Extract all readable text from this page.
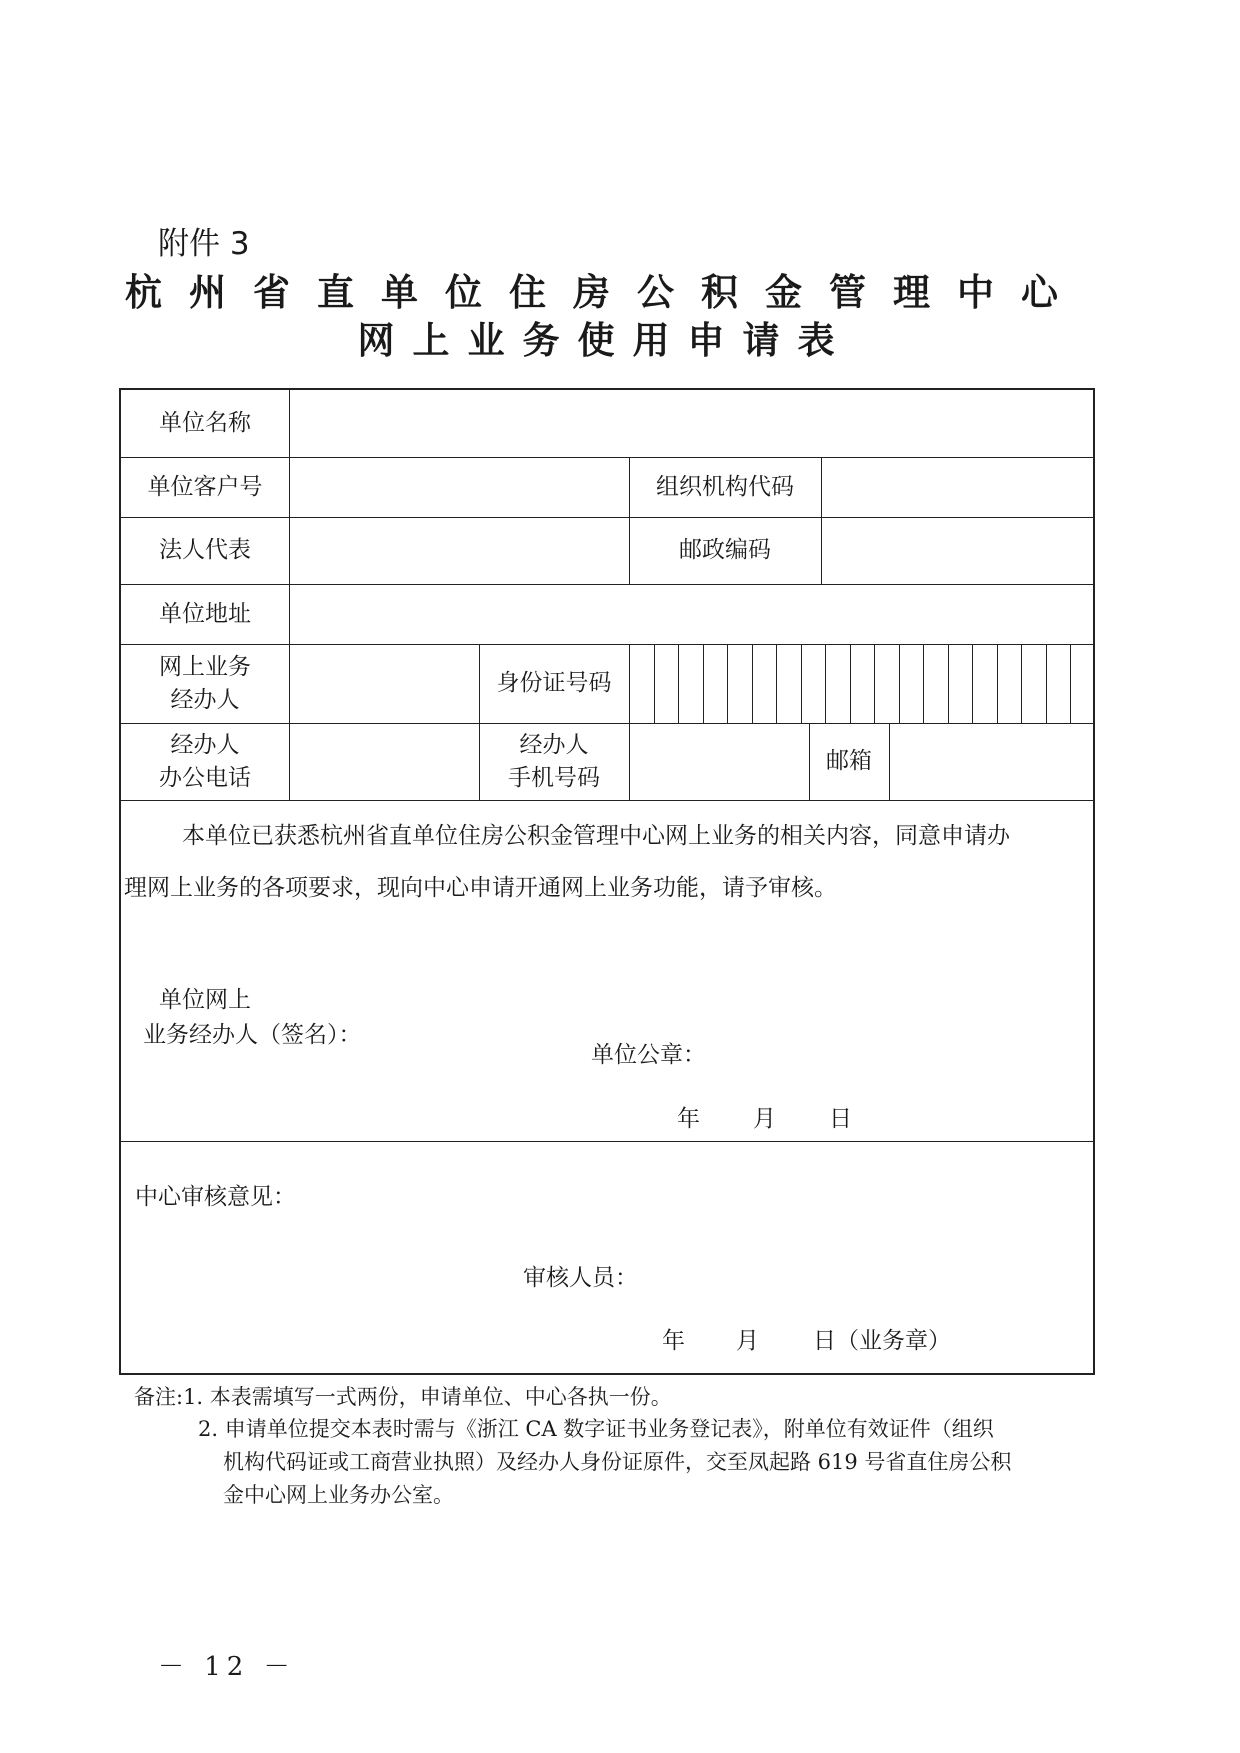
附件 3
杭州省直单位住房公积金管理中心
网上业务使用申请表
单位名称
单位客户号	组织机构代码
法人代表	邮政编码
单位地址
网上业务
经办人
身份证号码
经办人
办公电话
经办人
手机号码
邮箱
本单位已获悉杭州省直单位住房公积金管理中心网上业务的相关内容，同意申请办
理网上业务的各项要求，现向中心申请开通网上业务功能，请予审核。
单位网上
业务经办人（签名）：
单位公章：
年 月 日
中心审核意见：
审核人员：
年 月 日（业务章）
备注:1. 本表需填写一式两份，申请单位、中心各执一份。
2. 申请单位提交本表时需与《浙江 CA 数字证书业务登记表》，附单位有效证件（组织
机构代码证或工商营业执照）及经办人身份证原件，交至凤起路 619 号省直住房公积
金中心网上业务办公室。
－ 12 －
